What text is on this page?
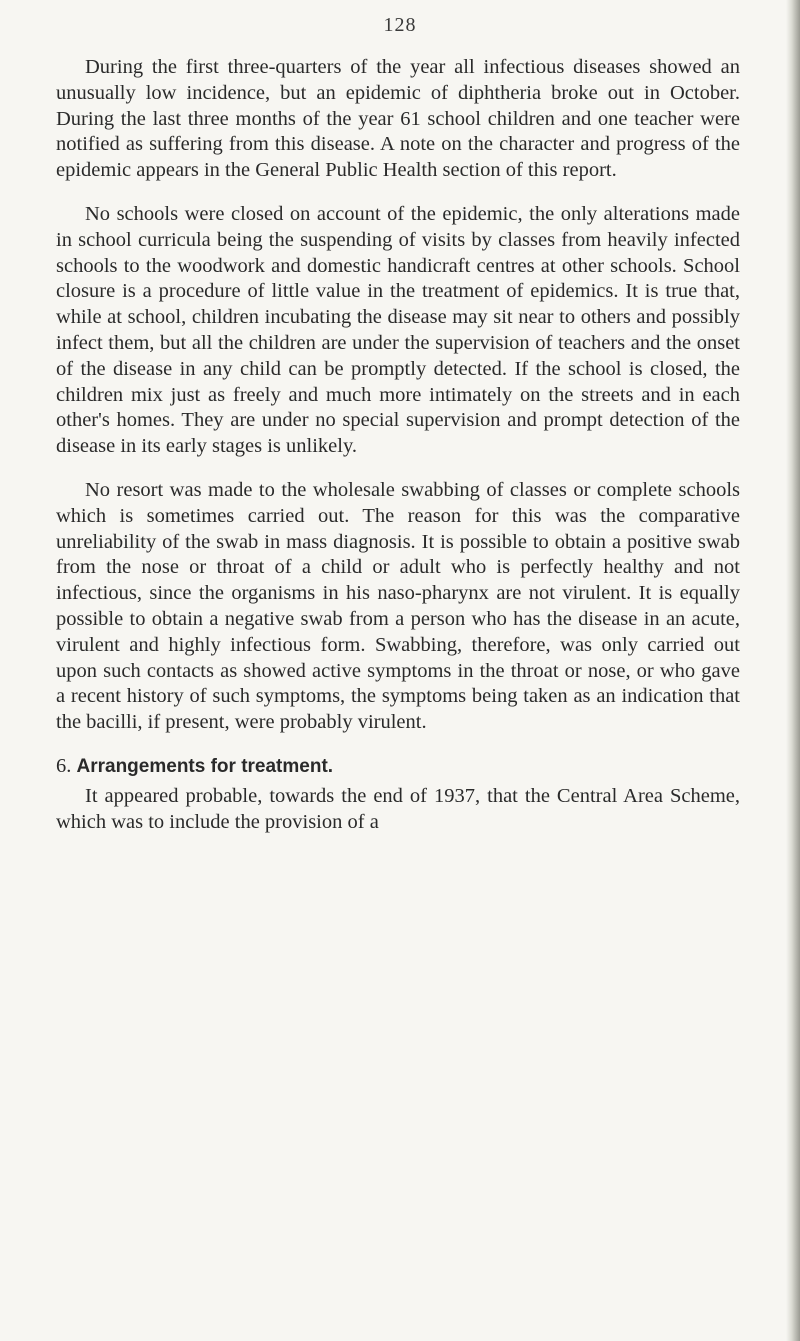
128

During the first three-quarters of the year all infectious diseases showed an unusually low incidence, but an epidemic of diphtheria broke out in October. During the last three months of the year 61 school children and one teacher were notified as suffering from this disease. A note on the character and progress of the epidemic appears in the General Public Health section of this report.

No schools were closed on account of the epidemic, the only alterations made in school curricula being the suspending of visits by classes from heavily infected schools to the woodwork and domestic handicraft centres at other schools. School closure is a procedure of little value in the treatment of epidemics. It is true that, while at school, children incubating the disease may sit near to others and possibly infect them, but all the children are under the supervision of teachers and the onset of the disease in any child can be promptly detected. If the school is closed, the children mix just as freely and much more intimately on the streets and in each other's homes. They are under no special supervision and prompt detection of the disease in its early stages is unlikely.

No resort was made to the wholesale swabbing of classes or complete schools which is sometimes carried out. The reason for this was the comparative unreliability of the swab in mass diagnosis. It is possible to obtain a positive swab from the nose or throat of a child or adult who is perfectly healthy and not infectious, since the organisms in his naso-pharynx are not virulent. It is equally possible to obtain a negative swab from a person who has the disease in an acute, virulent and highly infectious form. Swabbing, therefore, was only carried out upon such contacts as showed active symptoms in the throat or nose, or who gave a recent history of such symptoms, the symptoms being taken as an indication that the bacilli, if present, were probably virulent.

6. Arrangements for treatment.

It appeared probable, towards the end of 1937, that the Central Area Scheme, which was to include the provision of a
